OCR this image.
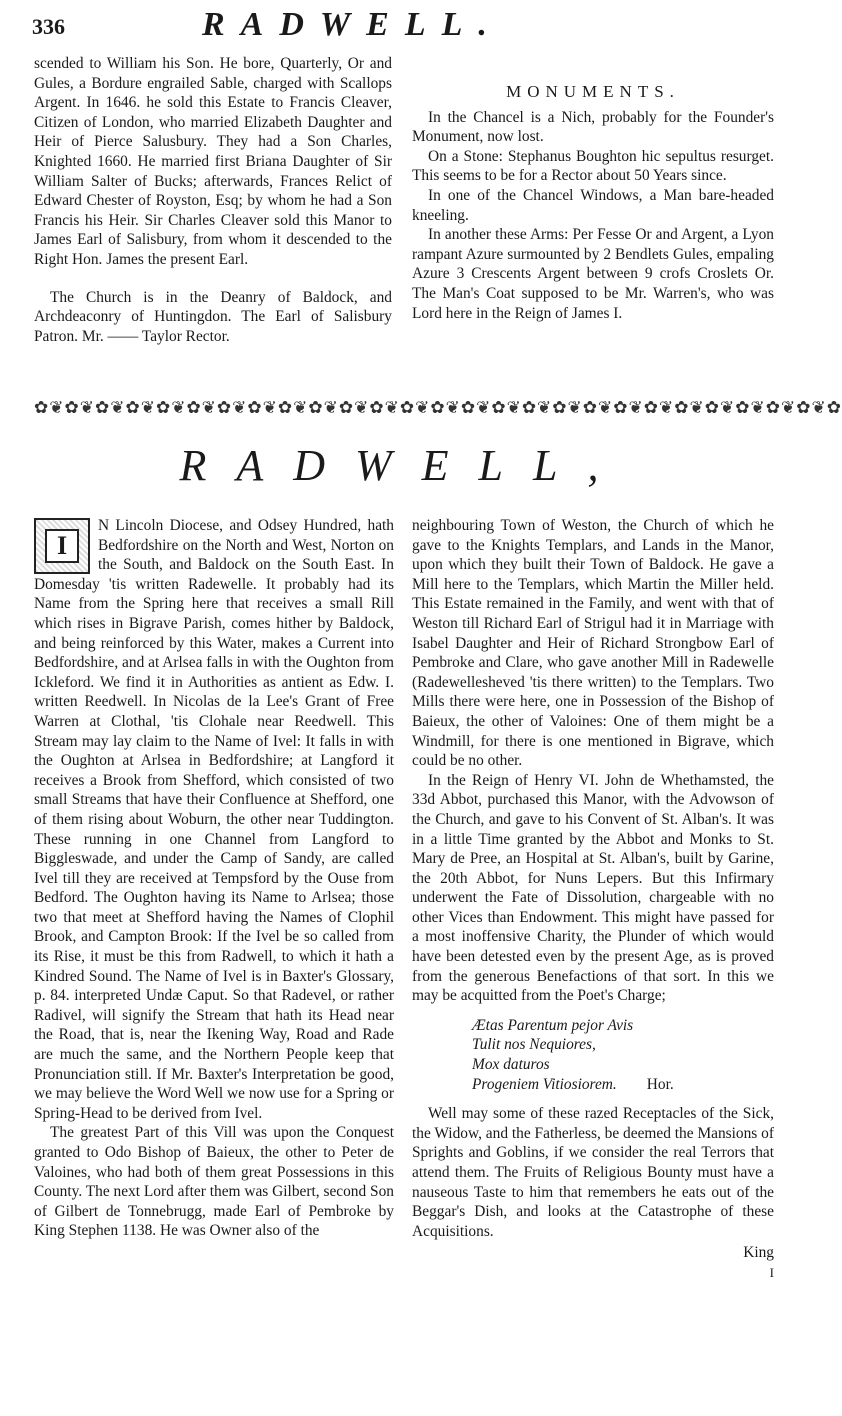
336	RADWELL.

scended to William his Son. He bore, Quarterly, Or and Gules, a Bordure engrailed Sable, charged with Scallops Argent. In 1646. he sold this Estate to Francis Cleaver, Citizen of London, who married Elizabeth Daughter and Heir of Pierce Salusbury. They had a Son Charles, Knighted 1660. He married first Briana Daughter of Sir William Salter of Bucks; afterwards, Frances Relict of Edward Chester of Royston, Esq; by whom he had a Son Francis his Heir. Sir Charles Cleaver sold this Manor to James Earl of Salisbury, from whom it descended to the Right Hon. James the present Earl.

The Church is in the Deanry of Baldock, and Archdeaconry of Huntingdon. The Earl of Salisbury Patron. Mr. —— Taylor Rector.

MONUMENTS.

In the Chancel is a Nich, probably for the Founder's Monument, now lost.

On a Stone: Stephanus Boughton hic sepultus resurget. This seems to be for a Rector about 50 Years since.

In one of the Chancel Windows, a Man bare-headed kneeling.

In another these Arms: Per Fesse Or and Argent, a Lyon rampant Azure surmounted by 2 Bendlets Gules, empaling Azure 3 Crescents Argent between 9 crofs Croslets Or. The Man's Coat supposed to be Mr. Warren's, who was Lord here in the Reign of James I.

✿❦✿❦✿❦✿❦✿❦✿❦✿❦✿❦✿❦✿❦✿❦✿❦✿❦✿❦✿❦✿❦✿❦✿❦✿❦✿❦✿❦✿❦✿❦✿❦✿❦✿❦✿
RADWELL,
I

N Lincoln Diocese, and Odsey Hundred, hath Bedfordshire on the North and West, Norton on the South, and Baldock on the South East. In Domesday 'tis written Radewelle. It probably had its Name from the Spring here that receives a small Rill which rises in Bigrave Parish, comes hither by Baldock, and being reinforced by this Water, makes a Current into Bedfordshire, and at Arlsea falls in with the Oughton from Ickleford. We find it in Authorities as antient as Edw. I. written Reedwell. In Nicolas de la Lee's Grant of Free Warren at Clothal, 'tis Clohale near Reedwell. This Stream may lay claim to the Name of Ivel: It falls in with the Oughton at Arlsea in Bedfordshire; at Langford it receives a Brook from Shefford, which consisted of two small Streams that have their Confluence at Shefford, one of them rising about Woburn, the other near Tuddington. These running in one Channel from Langford to Biggleswade, and under the Camp of Sandy, are called Ivel till they are received at Tempsford by the Ouse from Bedford. The Oughton having its Name to Arlsea; those two that meet at Shefford having the Names of Clophil Brook, and Campton Brook: If the Ivel be so called from its Rise, it must be this from Radwell, to which it hath a Kindred Sound. The Name of Ivel is in Baxter's Glossary, p. 84. interpreted Undæ Caput. So that Radevel, or rather Radivel, will signify the Stream that hath its Head near the Road, that is, near the Ikening Way, Road and Rade are much the same, and the Northern People keep that Pronunciation still. If Mr. Baxter's Interpretation be good, we may believe the Word Well we now use for a Spring or Spring-Head to be derived from Ivel.

The greatest Part of this Vill was upon the Conquest granted to Odo Bishop of Baieux, the other to Peter de Valoines, who had both of them great Possessions in this County. The next Lord after them was Gilbert, second Son of Gilbert de Tonnebrugg, made Earl of Pembroke by King Stephen 1138. He was Owner also of the

neighbouring Town of Weston, the Church of which he gave to the Knights Templars, and Lands in the Manor, upon which they built their Town of Baldock. He gave a Mill here to the Templars, which Martin the Miller held. This Estate remained in the Family, and went with that of Weston till Richard Earl of Strigul had it in Marriage with Isabel Daughter and Heir of Richard Strongbow Earl of Pembroke and Clare, who gave another Mill in Radewelle (Radewellesheved 'tis there written) to the Templars. Two Mills there were here, one in Possession of the Bishop of Baieux, the other of Valoines: One of them might be a Windmill, for there is one mentioned in Bigrave, which could be no other.

In the Reign of Henry VI. John de Whethamsted, the 33d Abbot, purchased this Manor, with the Advowson of the Church, and gave to his Convent of St. Alban's. It was in a little Time granted by the Abbot and Monks to St. Mary de Pree, an Hospital at St. Alban's, built by Garine, the 20th Abbot, for Nuns Lepers. But this Infirmary underwent the Fate of Dissolution, chargeable with no other Vices than Endowment. This might have passed for a most inoffensive Charity, the Plunder of which would have been detested even by the present Age, as is proved from the generous Benefactions of that sort. In this we may be acquitted from the Poet's Charge;

Ætas Parentum pejor Avis
Tulit nos Nequiores,
Mox daturos
Progeniem Vitiosiorem. Hor.

Well may some of these razed Receptacles of the Sick, the Widow, and the Fatherless, be deemed the Mansions of Sprights and Goblins, if we consider the real Terrors that attend them. The Fruits of Religious Bounty must have a nauseous Taste to him that remembers he eats out of the Beggar's Dish, and looks at the Catastrophe of these Acquisitions.

King

I
